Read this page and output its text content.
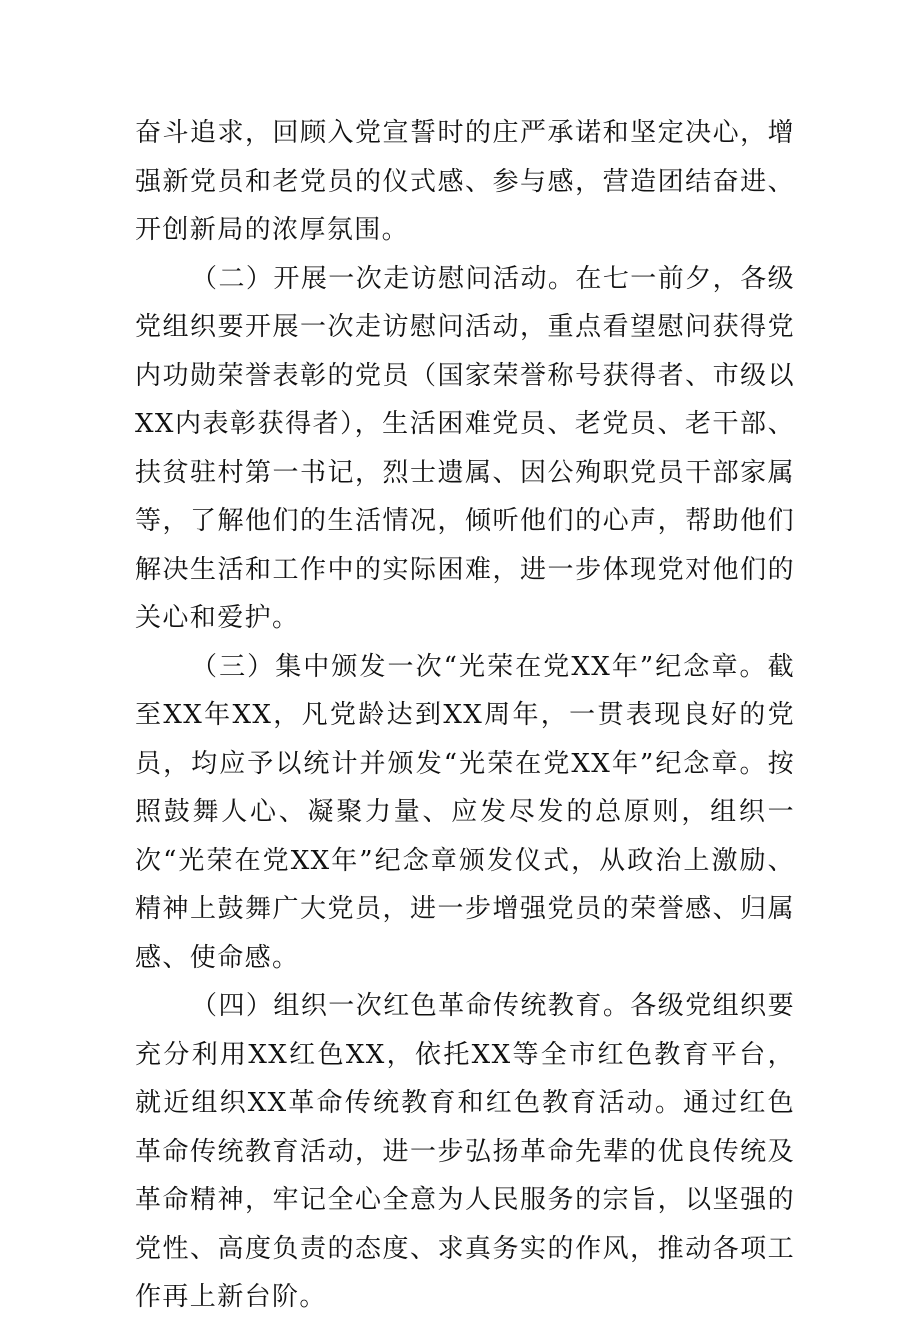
奋斗追求，回顾入党宣誓时的庄严承诺和坚定决心，增强新党员和老党员的仪式感、参与感，营造团结奋进、开创新局的浓厚氛围。

（二）开展一次走访慰问活动。在七一前夕，各级党组织要开展一次走访慰问活动，重点看望慰问获得党内功勋荣誉表彰的党员（国家荣誉称号获得者、市级以XX内表彰获得者），生活困难党员、老党员、老干部、扶贫驻村第一书记，烈士遗属、因公殉职党员干部家属等，了解他们的生活情况，倾听他们的心声，帮助他们解决生活和工作中的实际困难，进一步体现党对他们的关心和爱护。

（三）集中颁发一次“光荣在党XX年”纪念章。截至XX年XX，凡党龄达到XX周年，一贯表现良好的党员，均应予以统计并颁发“光荣在党XX年”纪念章。按照鼓舞人心、凝聚力量、应发尽发的总原则，组织一次“光荣在党XX年”纪念章颁发仪式，从政治上激励、精神上鼓舞广大党员，进一步增强党员的荣誉感、归属感、使命感。

（四）组织一次红色革命传统教育。各级党组织要充分利用XX红色XX，依托XX等全市红色教育平台，就近组织XX革命传统教育和红色教育活动。通过红色革命传统教育活动，进一步弘扬革命先辈的优良传统及革命精神，牢记全心全意为人民服务的宗旨，以坚强的党性、高度负责的态度、求真务实的作风，推动各项工作再上新台阶。
